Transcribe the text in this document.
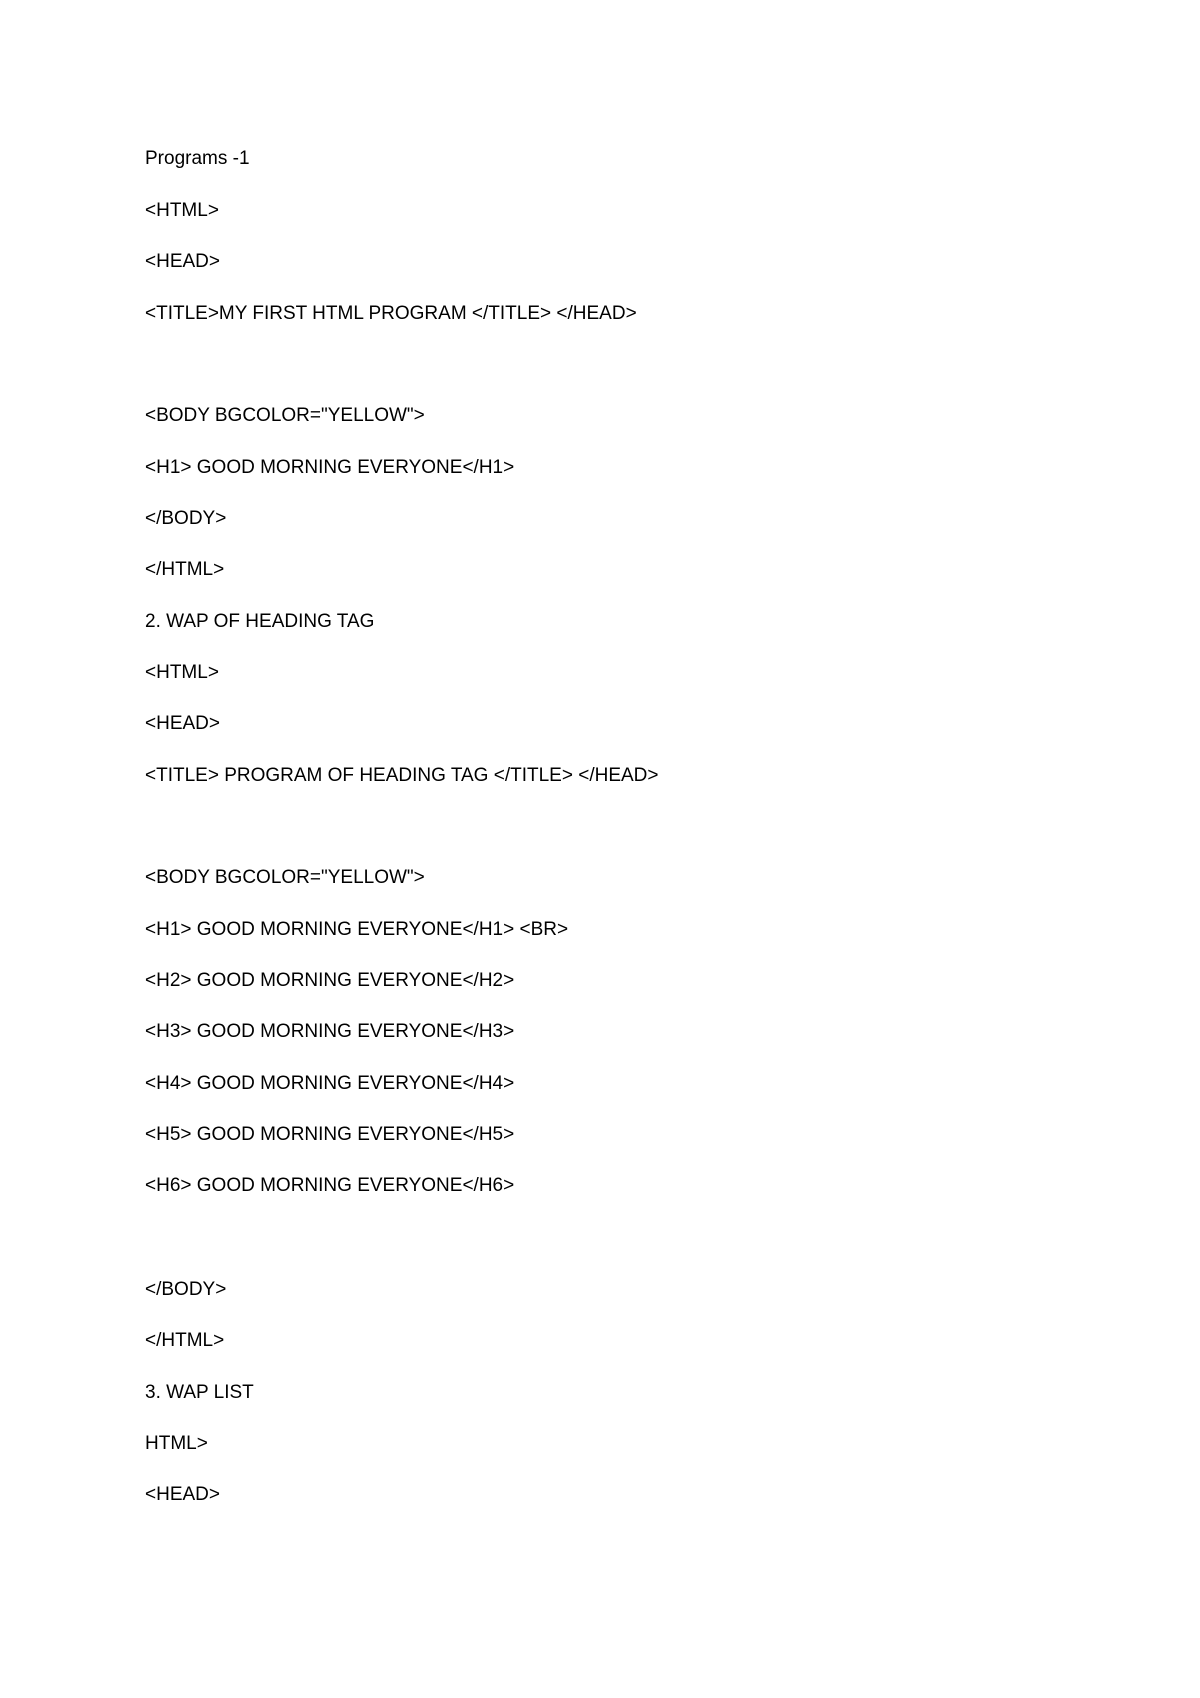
Programs -1

<HTML>

<HEAD>

<TITLE>MY FIRST HTML PROGRAM </TITLE> </HEAD>

<BODY BGCOLOR="YELLOW">

<H1> GOOD MORNING EVERYONE</H1>

</BODY>

</HTML>

2. WAP OF HEADING TAG

<HTML>

<HEAD>

<TITLE> PROGRAM OF HEADING TAG </TITLE> </HEAD>

<BODY BGCOLOR="YELLOW">

<H1> GOOD MORNING EVERYONE</H1> <BR>

<H2> GOOD MORNING EVERYONE</H2>

<H3> GOOD MORNING EVERYONE</H3>

<H4> GOOD MORNING EVERYONE</H4>

<H5> GOOD MORNING EVERYONE</H5>

<H6> GOOD MORNING EVERYONE</H6>

</BODY>

</HTML>

3. WAP LIST

HTML>

<HEAD>
